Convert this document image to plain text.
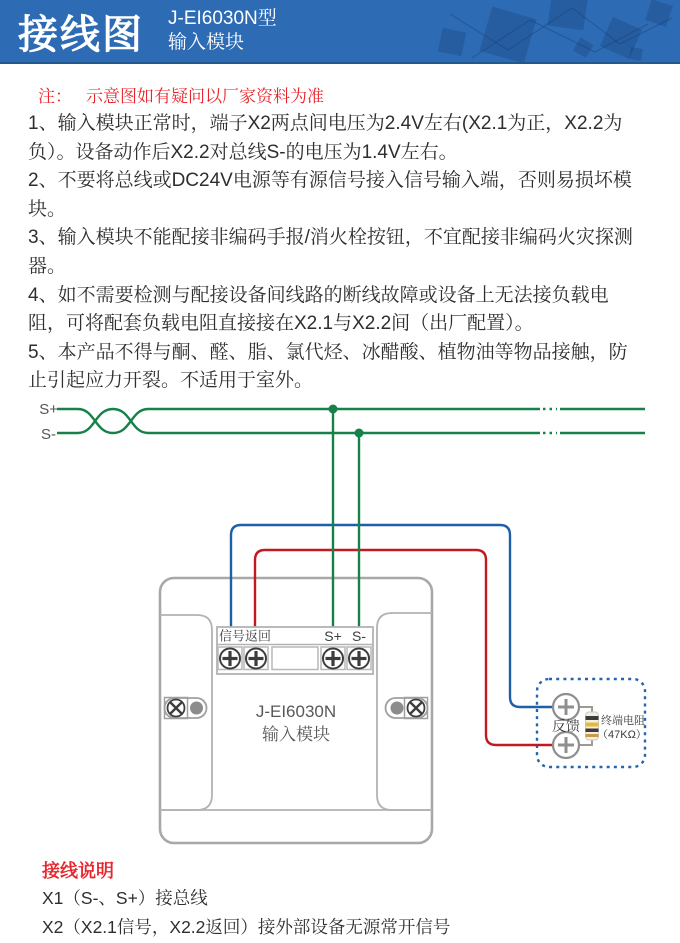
接线图 J-EI6030N型
输入模块
注： 示意图如有疑问以厂家资料为准

1、输入模块正常时，端子X2两点间电压为2.4V左右(X2.1为正，X2.2为负）。设备动作后X2.2对总线S-的电压为1.4V左右。

2、不要将总线或DC24V电源等有源信号接入信号输入端，否则易损坏模块。

3、输入模块不能配接非编码手报/消火栓按钮，不宜配接非编码火灾探测器。

4、如不需要检测与配接设备间线路的断线故障或设备上无法接负载电阻，可将配套负载电阻直接接在X2.1与X2.2间（出厂配置）。

5、本产品不得与酮、醛、脂、氯代烃、冰醋酸、植物油等物品接触，防止引起应力开裂。不适用于室外。

S+
S-
信号返回	S+ S-
J-EI6030N
输入模块	反馈 终端电阻
（47KΩ）
接线说明
X1（S-、S+）接总线
X2（X2.1信号，X2.2返回）接外部设备无源常开信号
